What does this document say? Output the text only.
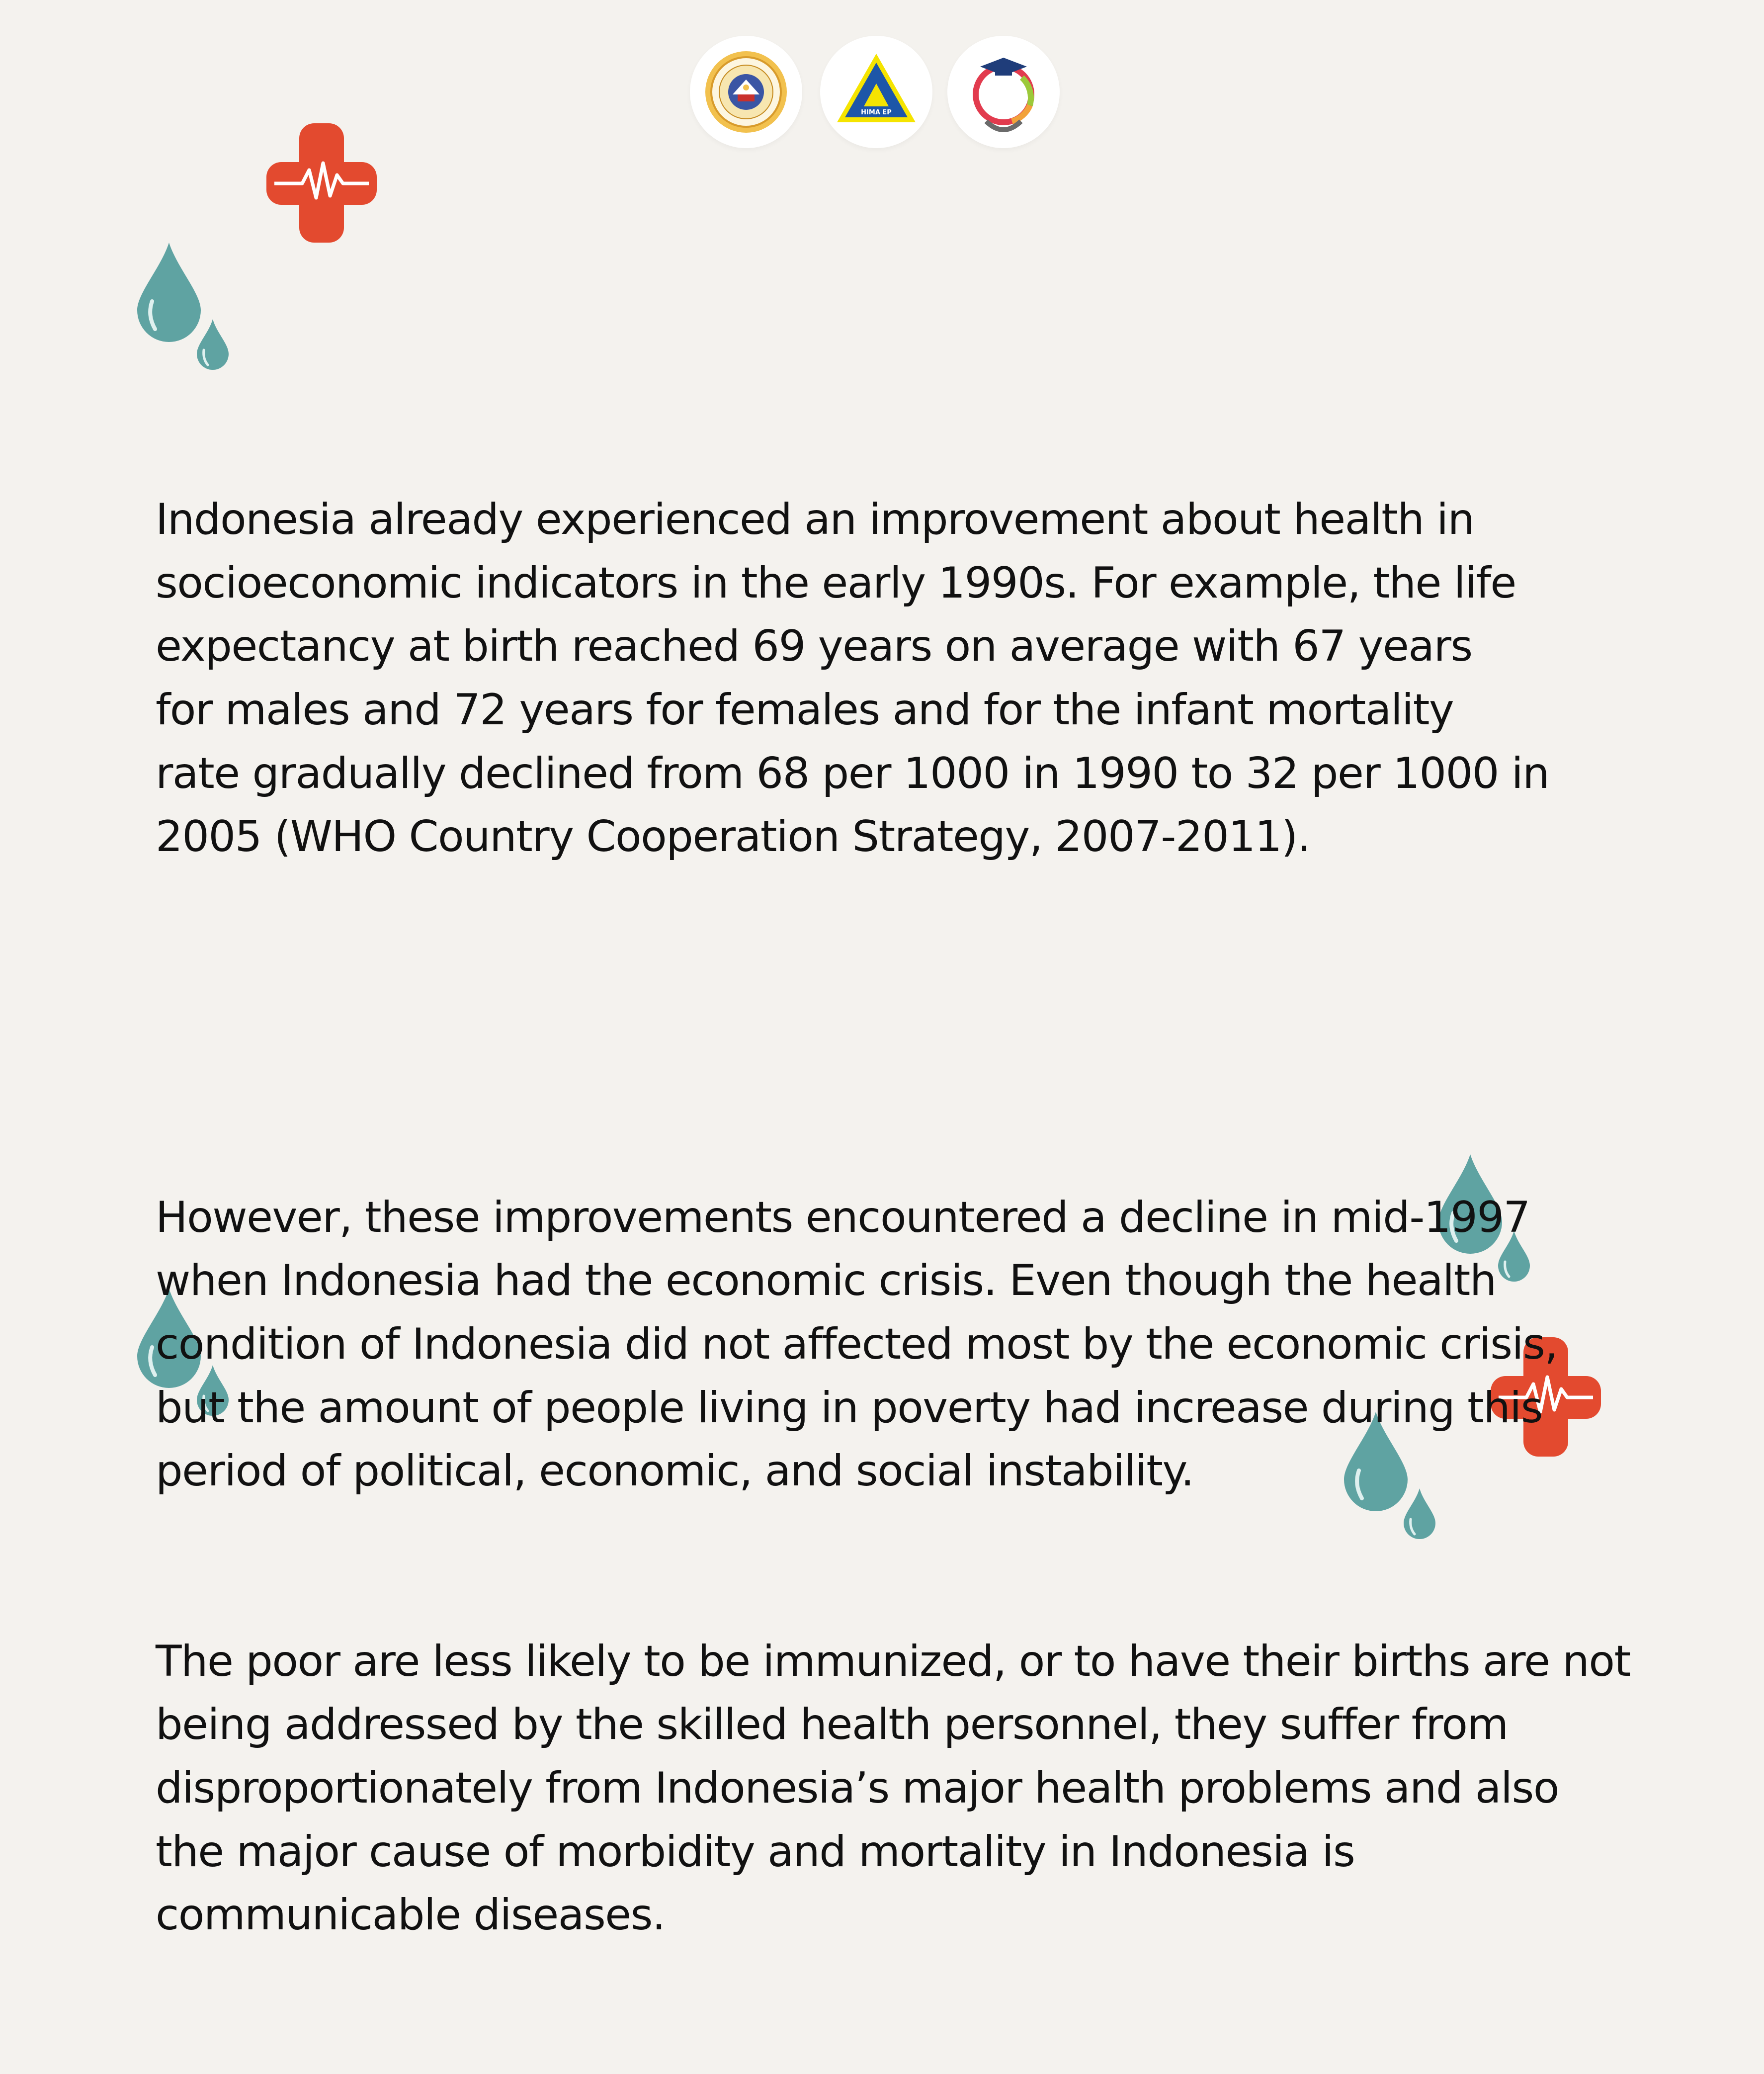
HIMA EP

Indonesia already experienced an improvement about health in
socioeconomic indicators in the early 1990s. For example, the life
expectancy at birth reached 69 years on average with 67 years
for males and 72 years for females and for the infant mortality
rate gradually declined from 68 per 1000 in 1990 to 32 per 1000 in
2005 (WHO Country Cooperation Strategy, 2007-2011).

However, these improvements encountered a decline in mid-1997
when Indonesia had the economic crisis. Even though the health
condition of Indonesia did not affected most by the economic crisis,
but the amount of people living in poverty had increase during this
period of political, economic, and social instability.

The poor are less likely to be immunized, or to have their births are not
being addressed by the skilled health personnel, they suffer from
disproportionately from Indonesia’s major health problems and also
the major cause of morbidity and mortality in Indonesia is
communicable diseases.
